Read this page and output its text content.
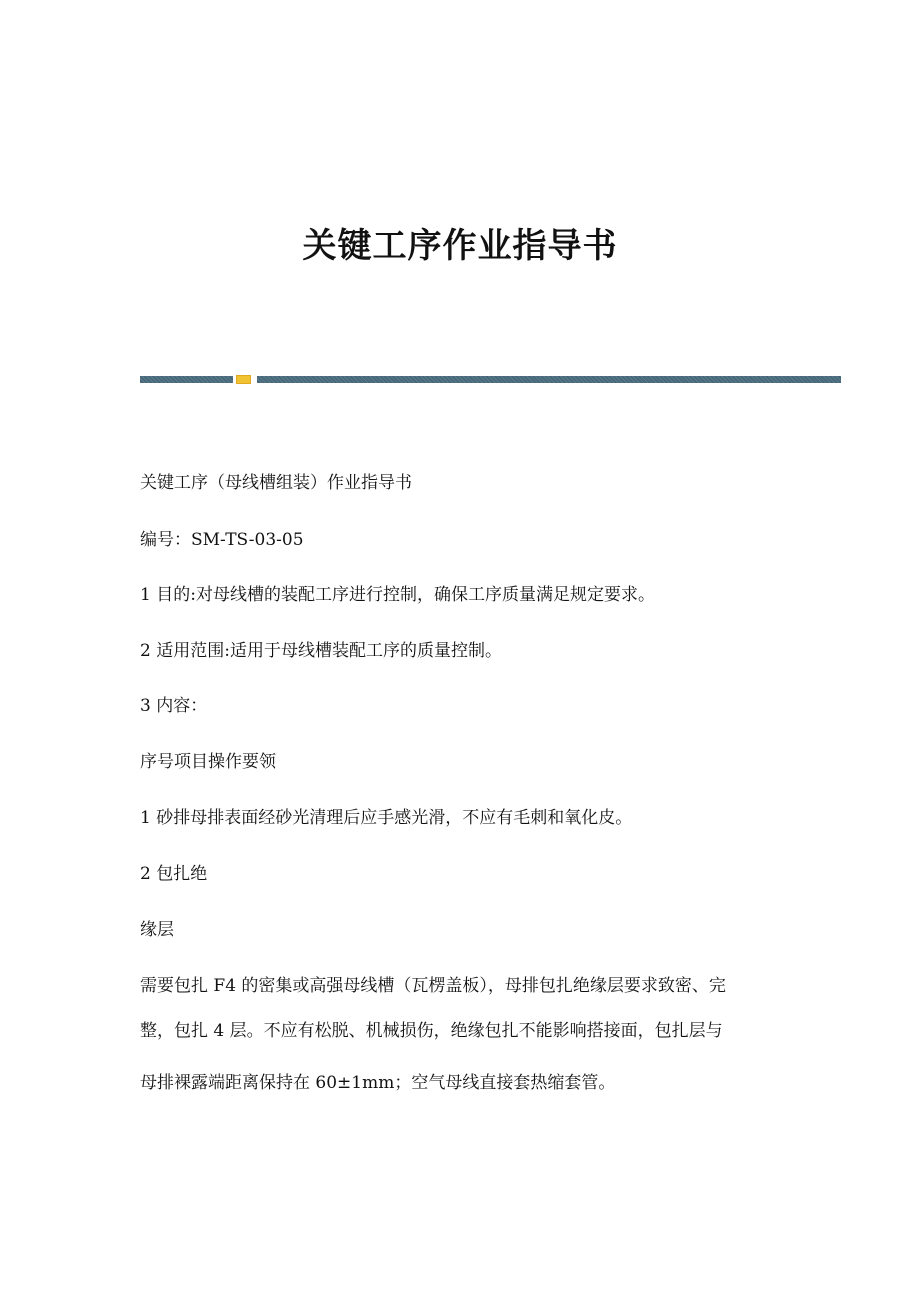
关键工序作业指导书
关键工序（母线槽组装）作业指导书
编号：SM-TS-03-05
1 目的:对母线槽的装配工序进行控制，确保工序质量满足规定要求。
2 适用范围:适用于母线槽装配工序的质量控制。
3 内容：
序号项目操作要领
1 砂排母排表面经砂光清理后应手感光滑，不应有毛刺和氧化皮。
2 包扎绝
缘层
需要包扎 F4 的密集或高强母线槽（瓦楞盖板），母排包扎绝缘层要求致密、完
整，包扎 4 层。不应有松脱、机械损伤，绝缘包扎不能影响搭接面，包扎层与
母排裸露端距离保持在 60±1mm；空气母线直接套热缩套管。
